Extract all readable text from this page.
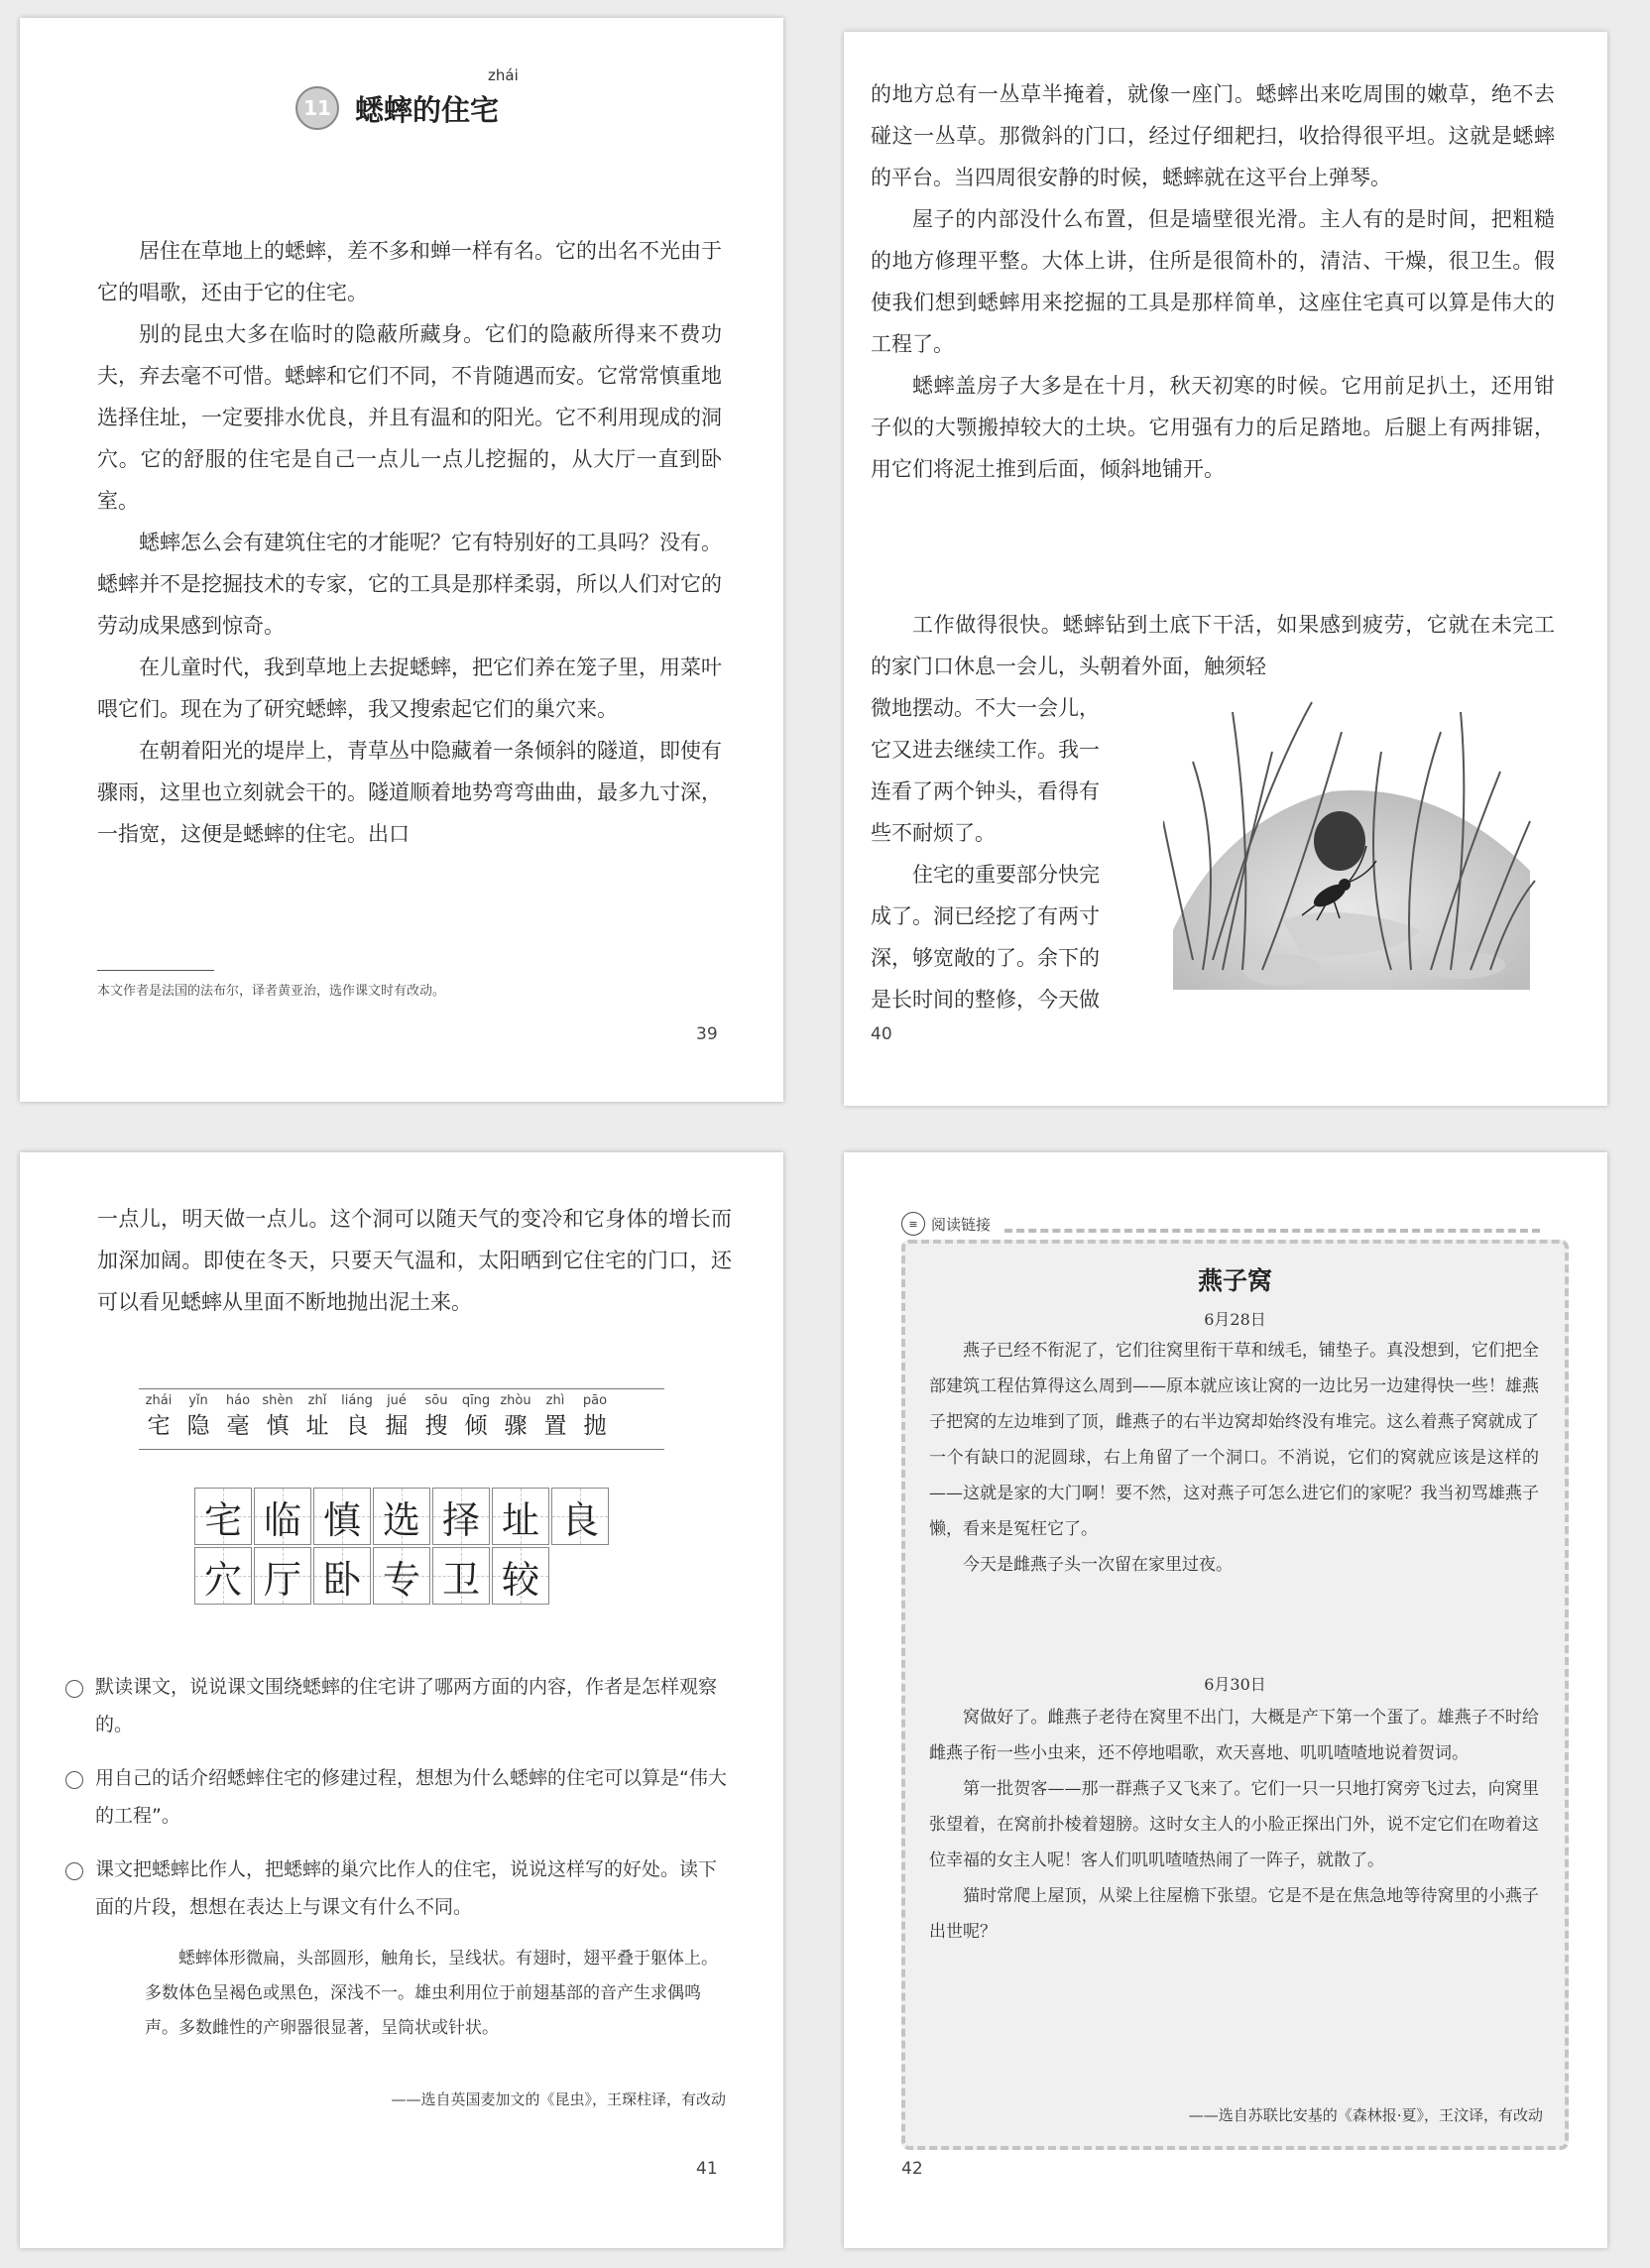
zhái
11 蟋蟀的住宅

居住在草地上的蟋蟀，差不多和蝉一样有名。它的出名不光由于它的唱歌，还由于它的住宅。

别的昆虫大多在临时的隐蔽所藏身。它们的隐蔽所得来不费功夫，弃去毫不可惜。蟋蟀和它们不同，不肯随遇而安。它常常慎重地选择住址，一定要排水优良，并且有温和的阳光。它不利用现成的洞穴。它的舒服的住宅是自己一点儿一点儿挖掘的，从大厅一直到卧室。

蟋蟀怎么会有建筑住宅的才能呢？它有特别好的工具吗？没有。蟋蟀并不是挖掘技术的专家，它的工具是那样柔弱，所以人们对它的劳动成果感到惊奇。

在儿童时代，我到草地上去捉蟋蟀，把它们养在笼子里，用菜叶喂它们。现在为了研究蟋蟀，我又搜索起它们的巢穴来。

在朝着阳光的堤岸上，青草丛中隐藏着一条倾斜的隧道，即使有骤雨，这里也立刻就会干的。隧道顺着地势弯弯曲曲，最多九寸深，一指宽，这便是蟋蟀的住宅。出口

本文作者是法国的法布尔，译者黄亚治，选作课文时有改动。
39

的地方总有一丛草半掩着，就像一座门。蟋蟀出来吃周围的嫩草，绝不去碰这一丛草。那微斜的门口，经过仔细耙扫，收拾得很平坦。这就是蟋蟀的平台。当四周很安静的时候，蟋蟀就在这平台上弹琴。

屋子的内部没什么布置，但是墙壁很光滑。主人有的是时间，把粗糙的地方修理平整。大体上讲，住所是很简朴的，清洁、干燥，很卫生。假使我们想到蟋蟀用来挖掘的工具是那样简单，这座住宅真可以算是伟大的工程了。

蟋蟀盖房子大多是在十月，秋天初寒的时候。它用前足扒土，还用钳子似的大颚搬掉较大的土块。它用强有力的后足踏地。后腿上有两排锯，用它们将泥土推到后面，倾斜地铺开。

工作做得很快。蟋蟀钻到土底下干活，如果感到疲劳，它就在未完工的家门口休息一会儿，头朝着外面，触须轻

微地摆动。不大一会儿，

它又进去继续工作。我一

连看了两个钟头，看得有

些不耐烦了。

住宅的重要部分快完

成了。洞已经挖了有两寸

深，够宽敞的了。余下的

是长时间的整修，今天做

40

一点儿，明天做一点儿。这个洞可以随天气的变冷和它身体的增长而加深加阔。即使在冬天，只要天气温和，太阳晒到它住宅的门口，还可以看见蟋蟀从里面不断地抛出泥土来。

zhái
宅
yǐn
隐
háo
毫
shèn
慎
zhǐ
址
liáng
良
jué
掘
sōu
搜
qīng
倾
zhòu
骤
zhì
置
pāo
抛
宅 临 慎 选 择 址 良
穴 厅 卧 专 卫 较
默读课文，说说课文围绕蟋蟀的住宅讲了哪两方面的内容，作者是怎样观察的。
用自己的话介绍蟋蟀住宅的修建过程，想想为什么蟋蟀的住宅可以算是“伟大的工程”。
课文把蟋蟀比作人，把蟋蟀的巢穴比作人的住宅，说说这样写的好处。读下面的片段，想想在表达上与课文有什么不同。
蟋蟀体形微扁，头部圆形，触角长，呈线状。有翅时，翅平叠于躯体上。多数体色呈褐色或黑色，深浅不一。雄虫利用位于前翅基部的音产生求偶鸣声。多数雌性的产卵器很显著，呈筒状或针状。
——选自英国麦加文的《昆虫》，王琛柱译，有改动
41
≡ 阅读链接
燕子窝
6月28日

燕子已经不衔泥了，它们往窝里衔干草和绒毛，铺垫子。真没想到，它们把全部建筑工程估算得这么周到——原本就应该让窝的一边比另一边建得快一些！雄燕子把窝的左边堆到了顶，雌燕子的右半边窝却始终没有堆完。这么着燕子窝就成了一个有缺口的泥圆球，右上角留了一个洞口。不消说，它们的窝就应该是这样的——这就是家的大门啊！要不然，这对燕子可怎么进它们的家呢？我当初骂雄燕子懒，看来是冤枉它了。

今天是雌燕子头一次留在家里过夜。

6月30日

窝做好了。雌燕子老待在窝里不出门，大概是产下第一个蛋了。雄燕子不时给雌燕子衔一些小虫来，还不停地唱歌，欢天喜地、叽叽喳喳地说着贺词。

第一批贺客——那一群燕子又飞来了。它们一只一只地打窝旁飞过去，向窝里张望着，在窝前扑棱着翅膀。这时女主人的小脸正探出门外，说不定它们在吻着这位幸福的女主人呢！客人们叽叽喳喳热闹了一阵子，就散了。

猫时常爬上屋顶，从梁上往屋檐下张望。它是不是在焦急地等待窝里的小燕子出世呢？

——选自苏联比安基的《森林报·夏》，王汶译，有改动
42
